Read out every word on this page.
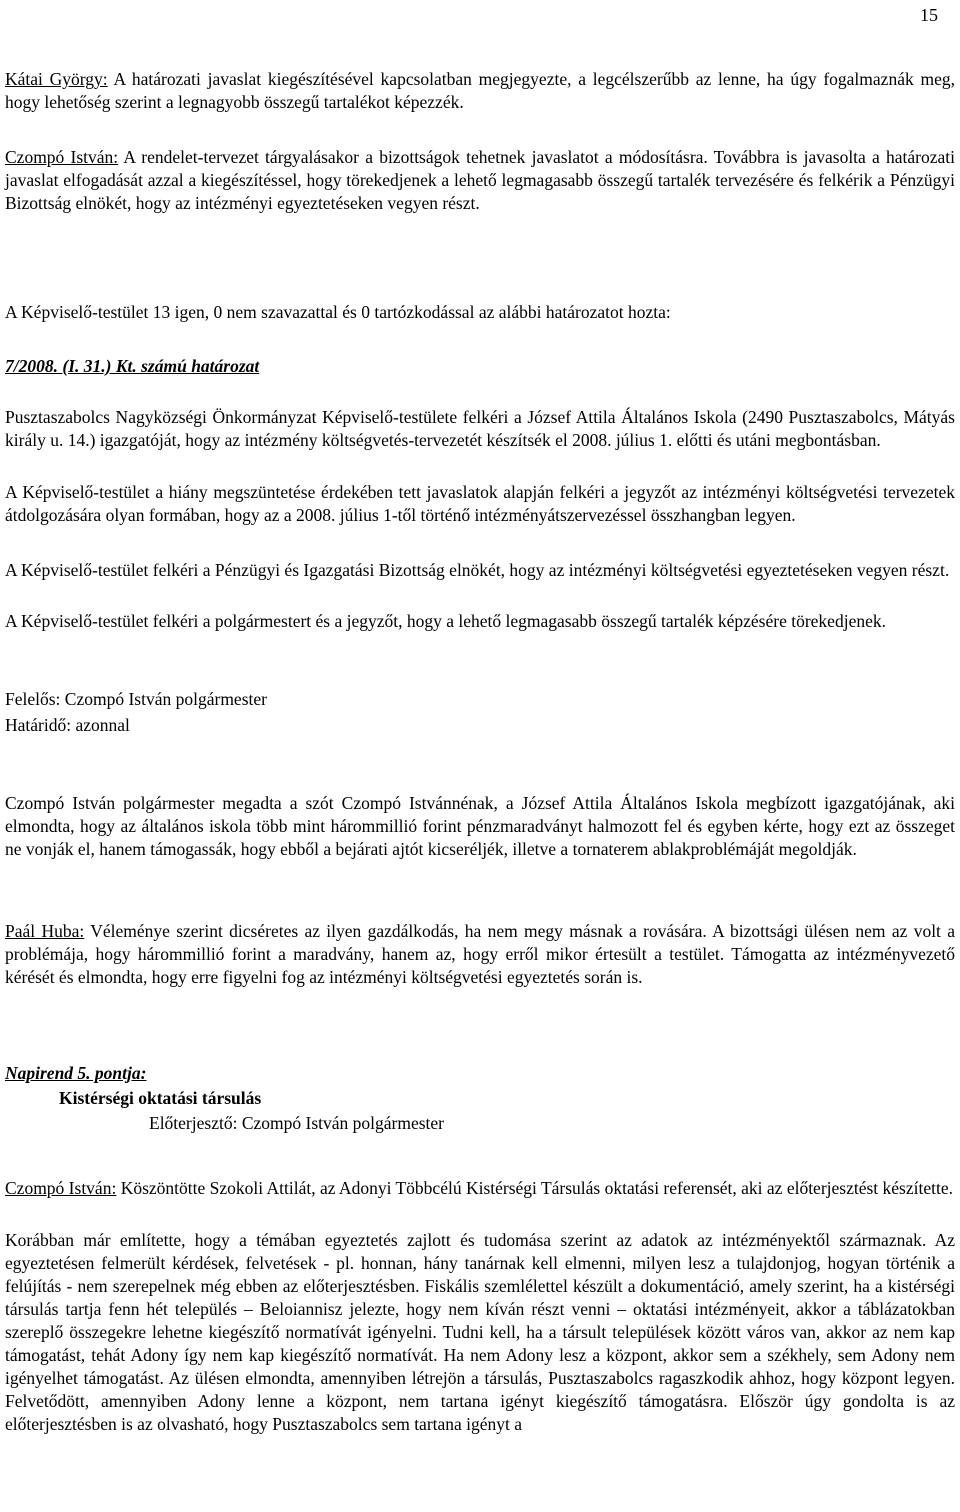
15

Kátai György: A határozati javaslat kiegészítésével kapcsolatban megjegyezte, a legcélszerűbb az lenne, ha úgy fogalmaznák meg, hogy lehetőség szerint a legnagyobb összegű tartalékot képezzék.

Czompó István: A rendelet-tervezet tárgyalásakor a bizottságok tehetnek javaslatot a módosításra. Továbbra is javasolta a határozati javaslat elfogadását azzal a kiegészítéssel, hogy törekedjenek a lehető legmagasabb összegű tartalék tervezésére és felkérik a Pénzügyi Bizottság elnökét, hogy az intézményi egyeztetéseken vegyen részt.

A Képviselő-testület 13 igen, 0 nem szavazattal és 0 tartózkodással az alábbi határozatot hozta:

7/2008. (I. 31.) Kt. számú határozat

Pusztaszabolcs Nagyközségi Önkormányzat Képviselő-testülete felkéri a József Attila Általános Iskola (2490 Pusztaszabolcs, Mátyás király u. 14.) igazgatóját, hogy az intézmény költségvetés-tervezetét készítsék el 2008. július 1. előtti és utáni megbontásban.

A Képviselő-testület a hiány megszüntetése érdekében tett javaslatok alapján felkéri a jegyzőt az intézményi költségvetési tervezetek átdolgozására olyan formában, hogy az a 2008. július 1-től történő intézményátszervezéssel összhangban legyen.

A Képviselő-testület felkéri a Pénzügyi és Igazgatási Bizottság elnökét, hogy az intézményi költségvetési egyeztetéseken vegyen részt.

A Képviselő-testület felkéri a polgármestert és a jegyzőt, hogy a lehető legmagasabb összegű tartalék képzésére törekedjenek.

Felelős: Czompó István polgármester

Határidő: azonnal

Czompó István polgármester megadta a szót Czompó Istvánnénak, a József Attila Általános Iskola megbízott igazgatójának, aki elmondta, hogy az általános iskola több mint hárommillió forint pénzmaradványt halmozott fel és egyben kérte, hogy ezt az összeget ne vonják el, hanem támogassák, hogy ebből a bejárati ajtót kicseréljék, illetve a tornaterem ablakproblémáját megoldják.

Paál Huba: Véleménye szerint dicséretes az ilyen gazdálkodás, ha nem megy másnak a rovására. A bizottsági ülésen nem az volt a problémája, hogy hárommillió forint a maradvány, hanem az, hogy erről mikor értesült a testület. Támogatta az intézményvezető kérését és elmondta, hogy erre figyelni fog az intézményi költségvetési egyeztetés során is.

Napirend 5. pontja:

Kistérségi oktatási társulás

Előterjesztő: Czompó István polgármester

Czompó István: Köszöntötte Szokoli Attilát, az Adonyi Többcélú Kistérségi Társulás oktatási referensét, aki az előterjesztést készítette.

Korábban már említette, hogy a témában egyeztetés zajlott és tudomása szerint az adatok az intézményektől származnak. Az egyeztetésen felmerült kérdések, felvetések - pl. honnan, hány tanárnak kell elmenni, milyen lesz a tulajdonjog, hogyan történik a felújítás - nem szerepelnek még ebben az előterjesztésben. Fiskális szemlélettel készült a dokumentáció, amely szerint, ha a kistérségi társulás tartja fenn hét település – Beloiannisz jelezte, hogy nem kíván részt venni – oktatási intézményeit, akkor a táblázatokban szereplő összegekre lehetne kiegészítő normatívát igényelni. Tudni kell, ha a társult települések között város van, akkor az nem kap támogatást, tehát Adony így nem kap kiegészítő normatívát. Ha nem Adony lesz a központ, akkor sem a székhely, sem Adony nem igényelhet támogatást. Az ülésen elmondta, amennyiben létrejön a társulás, Pusztaszabolcs ragaszkodik ahhoz, hogy központ legyen. Felvetődött, amennyiben Adony lenne a központ, nem tartana igényt kiegészítő támogatásra. Először úgy gondolta is az előterjesztésben is az olvasható, hogy Pusztaszabolcs sem tartana igényt a
